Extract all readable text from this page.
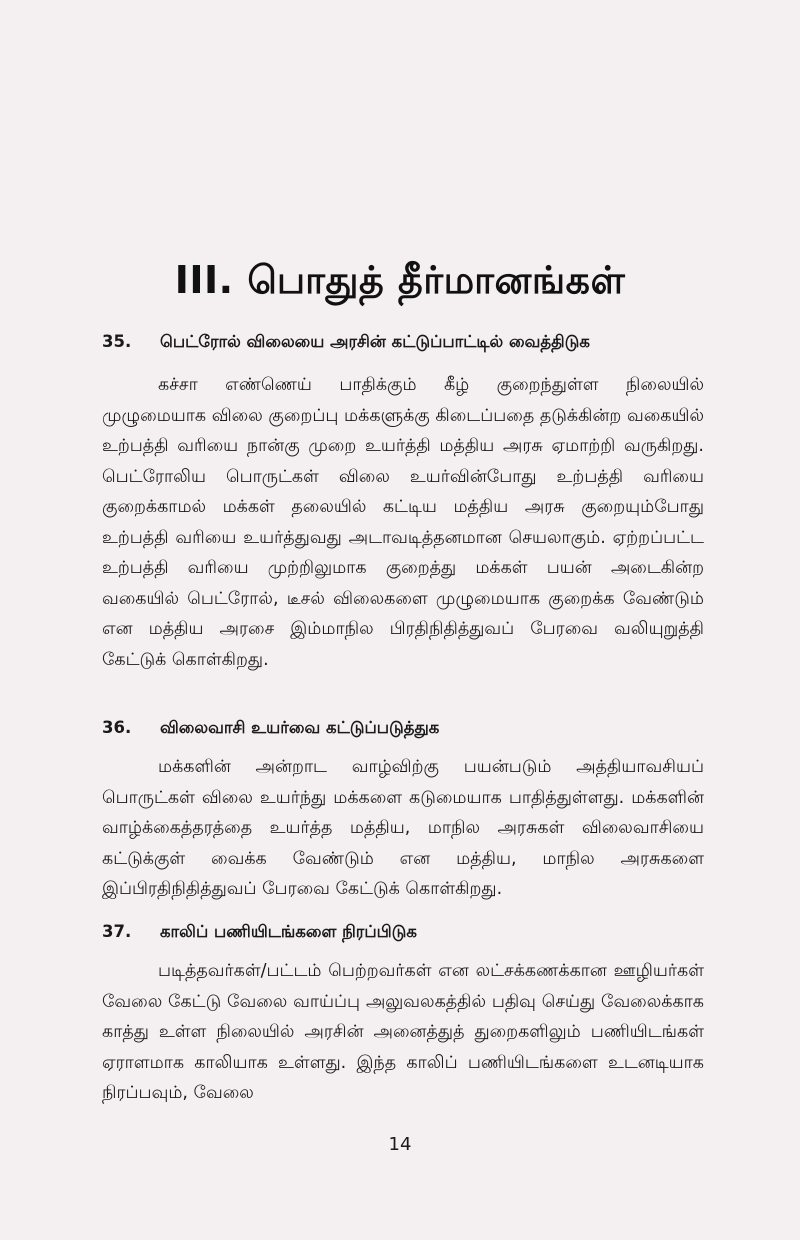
III. பொதுத் தீர்மானங்கள்
35. பெட்ரோல் விலையை அரசின் கட்டுப்பாட்டில் வைத்திடுக
கச்சா எண்ணெய் பாதிக்கும் கீழ் குறைந்துள்ள நிலையில் முழுமையாக விலை குறைப்பு மக்களுக்கு கிடைப்பதை தடுக்கின்ற வகையில் உற்பத்தி வரியை நான்கு முறை உயர்த்தி மத்திய அரசு ஏமாற்றி வருகிறது. பெட்ரோலிய பொருட்கள் விலை உயர்வின்போது உற்பத்தி வரியை குறைக்காமல் மக்கள் தலையில் கட்டிய மத்திய அரசு குறையும்போது உற்பத்தி வரியை உயர்த்துவது அடாவடித்தனமான செயலாகும். ஏற்றப்பட்ட உற்பத்தி வரியை முற்றிலுமாக குறைத்து மக்கள் பயன் அடைகின்ற வகையில் பெட்ரோல், டீசல் விலைகளை முழுமையாக குறைக்க வேண்டும் என மத்திய அரசை இம்மாநில பிரதிநிதித்துவப் பேரவை வலியுறுத்தி கேட்டுக் கொள்கிறது.
36. விலைவாசி உயர்வை கட்டுப்படுத்துக
மக்களின் அன்றாட வாழ்விற்கு பயன்படும் அத்தியாவசியப் பொருட்கள் விலை உயர்ந்து மக்களை கடுமையாக பாதித்துள்ளது. மக்களின் வாழ்க்கைத்தரத்தை உயர்த்த மத்திய, மாநில அரசுகள் விலைவாசியை கட்டுக்குள் வைக்க வேண்டும் என மத்திய, மாநில அரசுகளை இப்பிரதிநிதித்துவப் பேரவை கேட்டுக் கொள்கிறது.
37. காலிப் பணியிடங்களை நிரப்பிடுக
படித்தவர்கள்/பட்டம் பெற்றவர்கள் என லட்சக்கணக்கான ஊழியர்கள் வேலை கேட்டு வேலை வாய்ப்பு அலுவலகத்தில் பதிவு செய்து வேலைக்காக காத்து உள்ள நிலையில் அரசின் அனைத்துத் துறைகளிலும் பணியிடங்கள் ஏராளமாக காலியாக உள்ளது. இந்த காலிப் பணியிடங்களை உடனடியாக நிரப்பவும், வேலை
14
